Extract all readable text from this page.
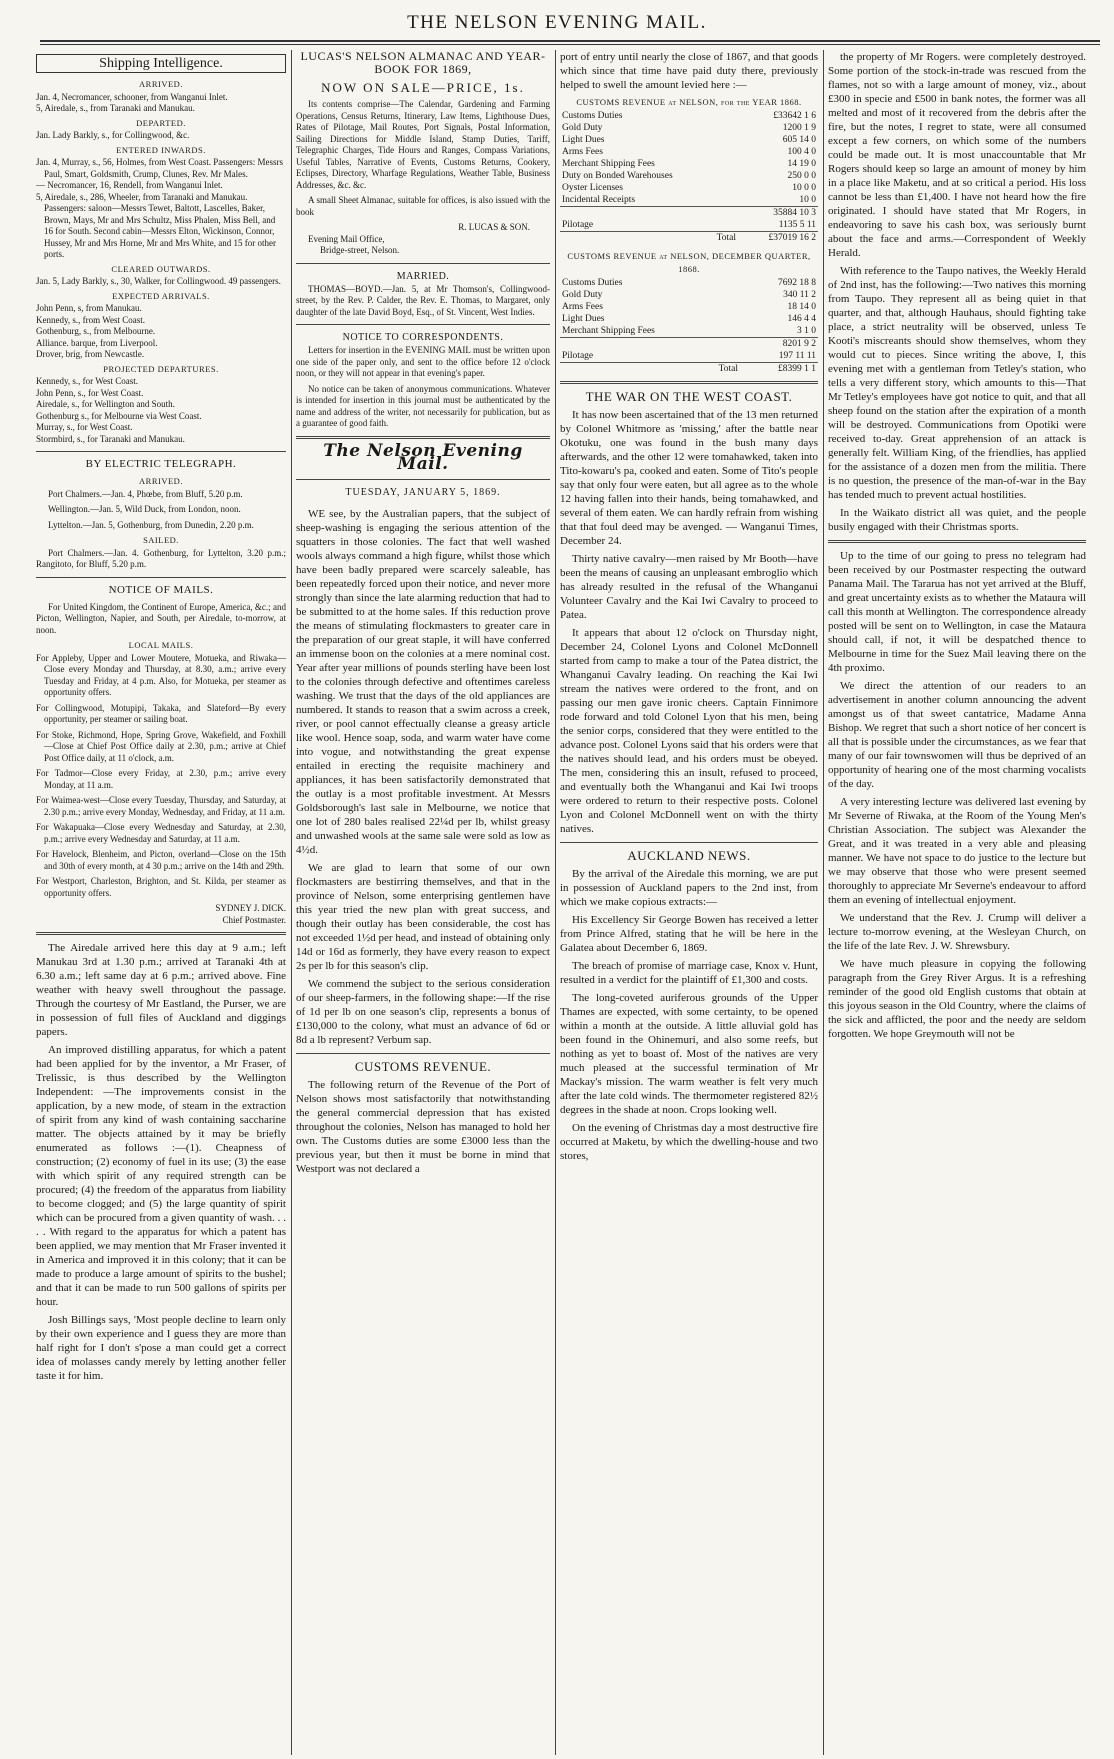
THE NELSON EVENING MAIL.
Shipping Intelligence.
ARRIVED.
Jan. 4, Necromancer, schooner, from Wanganui Inlet.
5, Airedale, s., from Taranaki and Manukau.
DEPARTED.
Jan. Lady Barkly, s., for Collingwood, &c.
ENTERED INWARDS.
Jan. 4, Murray, s., 56, Holmes, from West Coast. Passengers: Messrs Paul, Smart, Goldsmith, Crump, Clunes, Rev. Mr Males.
— Necromancer, 16, Rendell, from Wanganui Inlet.
5, Airedale, s., 286, Wheeler, from Taranaki and Manukau. Passengers: saloon—Messrs Tewet, Baltott, Lascelles, Baker, Brown, Mays, Mr and Mrs Schultz, Miss Phalen, Miss Bell, and 16 for South. Second cabin—Messrs Elton, Wickinson, Connor, Hussey, Mr and Mrs Horne, Mr and Mrs White, and 15 for other ports.
CLEARED OUTWARDS.
Jan. 5, Lady Barkly, s., 30, Walker, for Collingwood. 49 passengers.
EXPECTED ARRIVALS.
John Penn, s, from Manukau.
Kennedy, s., from West Coast.
Gothenburg, s., from Melbourne.
Alliance. barque, from Liverpool.
Drover, brig, from Newcastle.
PROJECTED DEPARTURES.
Kennedy, s., for West Coast.
John Penn, s., for West Coast.
Airedale, s., for Wellington and South.
Gothenburg s., for Melbourne via West Coast.
Murray, s., for West Coast.
Stormbird, s., for Taranaki and Manukau.
BY ELECTRIC TELEGRAPH.
ARRIVED.

Port Chalmers.—Jan. 4, Phœbe, from Bluff, 5.20 p.m.

Wellington.—Jan. 5, Wild Duck, from London, noon.

Lyttelton.—Jan. 5, Gothenburg, from Dunedin, 2.20 p.m.

SAILED.

Port Chalmers.—Jan. 4. Gothenburg, for Lyttelton, 3.20 p.m.; Rangitoto, for Bluff, 5.20 p.m.

NOTICE OF MAILS.

For United Kingdom, the Continent of Europe, America, &c.; and Picton, Wellington, Napier, and South, per Airedale, to-morrow, at noon.

LOCAL MAILS.

For Appleby, Upper and Lower Moutere, Motueka, and Riwaka—Close every Monday and Thursday, at 8.30, a.m.; arrive every Tuesday and Friday, at 4 p.m. Also, for Motueka, per steamer as opportunity offers.

For Collingwood, Motupipi, Takaka, and Slateford—By every opportunity, per steamer or sailing boat.

For Stoke, Richmond, Hope, Spring Grove, Wakefield, and Foxhill—Close at Chief Post Office daily at 2.30, p.m.; arrive at Chief Post Office daily, at 11 o'clock, a.m.

For Tadmor—Close every Friday, at 2.30, p.m.; arrive every Monday, at 11 a.m.

For Waimea-west—Close every Tuesday, Thursday, and Saturday, at 2.30 p.m.; arrive every Monday, Wednesday, and Friday, at 11 a.m.

For Wakapuaka—Close every Wednesday and Saturday, at 2.30, p.m.; arrive every Wednesday and Saturday, at 11 a.m.

For Havelock, Blenheim, and Picton, overland—Close on the 15th and 30th of every month, at 4 30 p.m.; arrive on the 14th and 29th.

For Westport, Charleston, Brighton, and St. Kilda, per steamer as opportunity offers.

SYDNEY J. DICK.
Chief Postmaster.

The Airedale arrived here this day at 9 a.m.; left Manukau 3rd at 1.30 p.m.; arrived at Taranaki 4th at 6.30 a.m.; left same day at 6 p.m.; arrived above. Fine weather with heavy swell throughout the passage. Through the courtesy of Mr Eastland, the Purser, we are in possession of full files of Auckland and diggings papers.

An improved distilling apparatus, for which a patent had been applied for by the inventor, a Mr Fraser, of Trelissic, is thus described by the Wellington Independent: —The improvements consist in the application, by a new mode, of steam in the extraction of spirit from any kind of wash containing saccharine matter. The objects attained by it may be briefly enumerated as follows :—(1). Cheapness of construction; (2) economy of fuel in its use; (3) the ease with which spirit of any required strength can be procured; (4) the freedom of the apparatus from liability to become clogged; and (5) the large quantity of spirit which can be procured from a given quantity of wash. . . . . With regard to the apparatus for which a patent has been applied, we may mention that Mr Fraser invented it in America and improved it in this colony; that it can be made to produce a large amount of spirits to the bushel; and that it can be made to run 500 gallons of spirits per hour.

Josh Billings says, 'Most people decline to learn only by their own experience and I guess they are more than half right for I don't s'pose a man could get a correct idea of molasses candy merely by letting another feller taste it for him.

LUCAS'S NELSON ALMANAC AND YEAR-BOOK FOR 1869,
NOW ON SALE—PRICE, 1s.

Its contents comprise—The Calendar, Gardening and Farming Operations, Census Returns, Itinerary, Law Items, Lighthouse Dues, Rates of Pilotage, Mail Routes, Port Signals, Postal Information, Sailing Directions for Middle Island, Stamp Duties, Tariff, Telegraphic Charges, Tide Hours and Ranges, Compass Variations, Useful Tables, Narrative of Events, Customs Returns, Cookery, Eclipses, Directory, Wharfage Regulations, Weather Table, Business Addresses, &c. &c.

A small Sheet Almanac, suitable for offices, is also issued with the book

R. LUCAS & SON.
Evening Mail Office,
Bridge-street, Nelson.
MARRIED.

THOMAS—BOYD.—Jan. 5, at Mr Thomson's, Collingwood-street, by the Rev. P. Calder, the Rev. E. Thomas, to Margaret, only daughter of the late David Boyd, Esq., of St. Vincent, West Indies.

NOTICE TO CORRESPONDENTS.

Letters for insertion in the EVENING MAIL must be written upon one side of the paper only, and sent to the office before 12 o'clock noon, or they will not appear in that evening's paper.

No notice can be taken of anonymous communications. Whatever is intended for insertion in this journal must be authenticated by the name and address of the writer, not necessarily for publication, but as a guarantee of good faith.

The Nelson Evening Mail.
TUESDAY, JANUARY 5, 1869.

WE see, by the Australian papers, that the subject of sheep-washing is engaging the serious attention of the squatters in those colonies. The fact that well washed wools always command a high figure, whilst those which have been badly prepared were scarcely saleable, has been repeatedly forced upon their notice, and never more strongly than since the late alarming reduction that had to be submitted to at the home sales. If this reduction prove the means of stimulating flockmasters to greater care in the preparation of our great staple, it will have conferred an immense boon on the colonies at a mere nominal cost. Year after year millions of pounds sterling have been lost to the colonies through defective and oftentimes careless washing. We trust that the days of the old appliances are numbered. It stands to reason that a swim across a creek, river, or pool cannot effectually cleanse a greasy article like wool. Hence soap, soda, and warm water have come into vogue, and notwithstanding the great expense entailed in erecting the requisite machinery and appliances, it has been satisfactorily demonstrated that the outlay is a most profitable investment. At Messrs Goldsborough's last sale in Melbourne, we notice that one lot of 280 bales realised 22¼d per lb, whilst greasy and unwashed wools at the same sale were sold as low as 4½d.

We are glad to learn that some of our own flockmasters are bestirring themselves, and that in the province of Nelson, some enterprising gentlemen have this year tried the new plan with great success, and though their outlay has been considerable, the cost has not exceeded 1½d per head, and instead of obtaining only 14d or 16d as formerly, they have every reason to expect 2s per lb for this season's clip.

We commend the subject to the serious consideration of our sheep-farmers, in the following shape:—If the rise of 1d per lb on one season's clip, represents a bonus of £130,000 to the colony, what must an advance of 6d or 8d a lb represent? Verbum sap.

CUSTOMS REVENUE.

The following return of the Revenue of the Port of Nelson shows most satisfactorily that notwithstanding the general commercial depression that has existed throughout the colonies, Nelson has managed to hold her own. The Customs duties are some £3000 less than the previous year, but then it must be borne in mind that Westport was not declared a

port of entry until nearly the close of 1867, and that goods which since that time have paid duty there, previously helped to swell the amount levied here :—

CUSTOMS REVENUE at NELSON, for the YEAR 1868.
Customs Duties	£33642 1 6
Gold Duty	1200 1 9
Light Dues	605 14 0
Arms Fees	100 4 0
Merchant Shipping Fees	14 19 0
Duty on Bonded Warehouses	250 0 0
Oyster Licenses	10 0 0
Incidental Receipts	10 0
	35884 10 3
Pilotage	1135 5 11
Total	£37019 16 2
CUSTOMS REVENUE at NELSON, DECEMBER QUARTER, 1868.
Customs Duties	7692 18 8
Gold Duty	340 11 2
Arms Fees	18 14 0
Light Dues	146 4 4
Merchant Shipping Fees	3 1 0
	8201 9 2
Pilotage	197 11 11
Total	£8399 1 1
THE WAR ON THE WEST COAST.

It has now been ascertained that of the 13 men returned by Colonel Whitmore as 'missing,' after the battle near Okotuku, one was found in the bush many days afterwards, and the other 12 were tomahawked, taken into Tito-kowaru's pa, cooked and eaten. Some of Tito's people say that only four were eaten, but all agree as to the whole 12 having fallen into their hands, being tomahawked, and several of them eaten. We can hardly refrain from wishing that that foul deed may be avenged. — Wanganui Times, December 24.

Thirty native cavalry—men raised by Mr Booth—have been the means of causing an unpleasant embroglio which has already resulted in the refusal of the Whanganui Volunteer Cavalry and the Kai Iwi Cavalry to proceed to Patea.

It appears that about 12 o'clock on Thursday night, December 24, Colonel Lyons and Colonel McDonnell started from camp to make a tour of the Patea district, the Whanganui Cavalry leading. On reaching the Kai Iwi stream the natives were ordered to the front, and on passing our men gave ironic cheers. Captain Finnimore rode forward and told Colonel Lyon that his men, being the senior corps, considered that they were entitled to the advance post. Colonel Lyons said that his orders were that the natives should lead, and his orders must be obeyed. The men, considering this an insult, refused to proceed, and eventually both the Whanganui and Kai Iwi troops were ordered to return to their respective posts. Colonel Lyon and Colonel McDonnell went on with the thirty natives.

AUCKLAND NEWS.

By the arrival of the Airedale this morning, we are put in possession of Auckland papers to the 2nd inst, from which we make copious extracts:—

His Excellency Sir George Bowen has received a letter from Prince Alfred, stating that he will be here in the Galatea about December 6, 1869.

The breach of promise of marriage case, Knox v. Hunt, resulted in a verdict for the plaintiff of £1,300 and costs.

The long-coveted auriferous grounds of the Upper Thames are expected, with some certainty, to be opened within a month at the outside. A little alluvial gold has been found in the Ohinemuri, and also some reefs, but nothing as yet to boast of. Most of the natives are very much pleased at the successful termination of Mr Mackay's mission. The warm weather is felt very much after the late cold winds. The thermometer registered 82½ degrees in the shade at noon. Crops looking well.

On the evening of Christmas day a most destructive fire occurred at Maketu, by which the dwelling-house and two stores,

the property of Mr Rogers. were completely destroyed. Some portion of the stock-in-trade was rescued from the flames, not so with a large amount of money, viz., about £300 in specie and £500 in bank notes, the former was all melted and most of it recovered from the debris after the fire, but the notes, I regret to state, were all consumed except a few corners, on which some of the numbers could be made out. It is most unaccountable that Mr Rogers should keep so large an amount of money by him in a place like Maketu, and at so critical a period. His loss cannot be less than £1,400. I have not heard how the fire originated. I should have stated that Mr Rogers, in endeavoring to save his cash box, was seriously burnt about the face and arms.—Correspondent of Weekly Herald.

With reference to the Taupo natives, the Weekly Herald of 2nd inst, has the following:—Two natives this morning from Taupo. They represent all as being quiet in that quarter, and that, although Hauhaus, should fighting take place, a strict neutrality will be observed, unless Te Kooti's miscreants should show themselves, whom they would cut to pieces. Since writing the above, I, this evening met with a gentleman from Tetley's station, who tells a very different story, which amounts to this—That Mr Tetley's employees have got notice to quit, and that all sheep found on the station after the expiration of a month will be destroyed. Communications from Opotiki were received to-day. Great apprehension of an attack is generally felt. William King, of the friendlies, has applied for the assistance of a dozen men from the militia. There is no question, the presence of the man-of-war in the Bay has tended much to prevent actual hostilities.

In the Waikato district all was quiet, and the people busily engaged with their Christmas sports.

Up to the time of our going to press no telegram had been received by our Postmaster respecting the outward Panama Mail. The Tararua has not yet arrived at the Bluff, and great uncertainty exists as to whether the Mataura will call this month at Wellington. The correspondence already posted will be sent on to Wellington, in case the Mataura should call, if not, it will be despatched thence to Melbourne in time for the Suez Mail leaving there on the 4th proximo.

We direct the attention of our readers to an advertisement in another column announcing the advent amongst us of that sweet cantatrice, Madame Anna Bishop. We regret that such a short notice of her concert is all that is possible under the circumstances, as we fear that many of our fair townswomen will thus be deprived of an opportunity of hearing one of the most charming vocalists of the day.

A very interesting lecture was delivered last evening by Mr Severne of Riwaka, at the Room of the Young Men's Christian Association. The subject was Alexander the Great, and it was treated in a very able and pleasing manner. We have not space to do justice to the lecture but we may observe that those who were present seemed thoroughly to appreciate Mr Severne's endeavour to afford them an evening of intellectual enjoyment.

We understand that the Rev. J. Crump will deliver a lecture to-morrow evening, at the Wesleyan Church, on the life of the late Rev. J. W. Shrewsbury.

We have much pleasure in copying the following paragraph from the Grey River Argus. It is a refreshing reminder of the good old English customs that obtain at this joyous season in the Old Country, where the claims of the sick and afflicted, the poor and the needy are seldom forgotten. We hope Greymouth will not be
